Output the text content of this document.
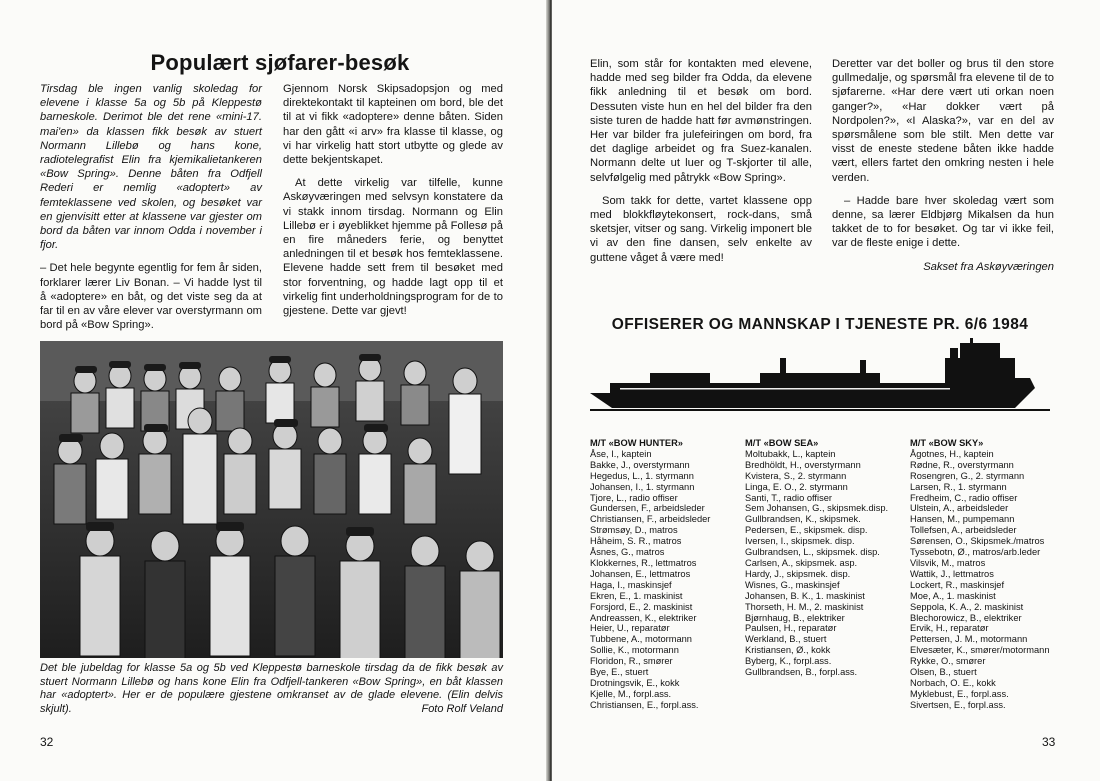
Populært sjøfarer-besøk

Tirsdag ble ingen vanlig skoledag for elevene i klasse 5a og 5b på Kleppestø barneskole. Derimot ble det rene «mini-17. mai'en» da klassen fikk besøk av stuert Normann Lillebø og hans kone, radiotelegrafist Elin fra kjemikalietankeren «Bow Spring». Denne båten fra Odfjell Rederi er nemlig «adoptert» av femteklassene ved skolen, og besøket var en gjenvisitt etter at klassene var gjester om bord da båten var innom Odda i november i fjor.

– Det hele begynte egentlig for fem år siden, forklarer lærer Liv Bonan. – Vi hadde lyst til å «adoptere» en båt, og det viste seg da at far til en av våre elever var overstyrmann om bord på «Bow Spring».

Gjennom Norsk Skipsadopsjon og med direktekontakt til kapteinen om bord, ble det til at vi fikk «adoptere» denne båten. Siden har den gått «i arv» fra klasse til klasse, og vi har virkelig hatt stort utbytte og glede av dette bekjentskapet.

At dette virkelig var tilfelle, kunne Askøyværingen med selvsyn konstatere da vi stakk innom tirsdag. Normann og Elin Lillebø er i øyeblikket hjemme på Follesø på en fire måneders ferie, og benyttet anledningen til et besøk hos femteklassene. Elevene hadde sett frem til besøket med stor forventning, og hadde lagt opp til et virkelig fint underholdningsprogram for de to gjestene. Dette var gjevt!

Det ble jubeldag for klasse 5a og 5b ved Kleppestø barneskole tirsdag da de fikk besøk av stuert Normann Lillebø og hans kone Elin fra Odfjell-tankeren «Bow Spring», en båt klassen har «adoptert». Her er de populære gjestene omkranset av de glade elevene. (Elin delvis skjult).	Foto Rolf Veland
32

Elin, som står for kontakten med elevene, hadde med seg bilder fra Odda, da elevene fikk anledning til et besøk om bord. Dessuten viste hun en hel del bilder fra den siste turen de hadde hatt før avmønstringen. Her var bilder fra julefeiringen om bord, fra det daglige arbeidet og fra Suez-kanalen. Normann delte ut luer og T-skjorter til alle, selvfølgelig med påtrykk «Bow Spring».

Som takk for dette, vartet klassene opp med blokkfløytekonsert, rock-dans, små sketsjer, vitser og sang. Virkelig imponert ble vi av den fine dansen, selv enkelte av guttene våget å være med!

Deretter var det boller og brus til den store gullmedalje, og spørsmål fra elevene til de to sjøfarerne. «Har dere vært uti orkan noen ganger?», «Har dokker vært på Nordpolen?», «I Alaska?», var en del av spørsmålene som ble stilt. Men dette var visst de eneste stedene båten ikke hadde vært, ellers fartet den omkring nesten i hele verden.

– Hadde bare hver skoledag vært som denne, sa lærer Eldbjørg Mikalsen da hun takket de to for besøket. Og tar vi ikke feil, var de fleste enige i dette.

Sakset fra Askøyværingen
OFFISERER OG MANNSKAP I TJENESTE PR. 6/6 1984
M/T «BOW HUNTER»
Åse, I., kaptein
Bakke, J., overstyrmann
Hegedus, L., 1. styrmann
Johansen, I., 1. styrmann
Tjore, L., radio offiser
Gundersen, F., arbeidsleder
Christiansen, F., arbeidsleder
Strømsøy, D., matros
Håheim, S. R., matros
Åsnes, G., matros
Klokkernes, R., lettmatros
Johansen, E., lettmatros
Haga, I., maskinsjef
Ekren, E., 1. maskinist
Forsjord, E., 2. maskinist
Andreassen, K., elektriker
Heier, U., reparatør
Tubbene, A., motormann
Sollie, K., motormann
Floridon, R., smører
Bye, E., stuert
Drotningsvik, E., kokk
Kjelle, M., forpl.ass.
Christiansen, E., forpl.ass.
M/T «BOW SEA»
Moltubakk, L., kaptein
Bredhöldt, H., overstyrmann
Kvistera, S., 2. styrmann
Linga, E. O., 2. styrmann
Santi, T., radio offiser
Sem Johansen, G., skipsmek.disp.
Gullbrandsen, K., skipsmek.
Pedersen, E., skipsmek. disp.
Iversen, I., skipsmek. disp.
Gulbrandsen, L., skipsmek. disp.
Carlsen, A., skipsmek. asp.
Hardy, J., skipsmek. disp.
Wisnes, G., maskinsjef
Johansen, B. K., 1. maskinist
Thorseth, H. M., 2. maskinist
Bjørnhaug, B., elektriker
Paulsen, H., reparatør
Werkland, B., stuert
Kristiansen, Ø., kokk
Byberg, K., forpl.ass.
Gullbrandsen, B., forpl.ass.
M/T «BOW SKY»
Ågotnes, H., kaptein
Rødne, R., overstyrmann
Rosengren, G., 2. styrmann
Larsen, R., 1. styrmann
Fredheim, C., radio offiser
Ulstein, A., arbeidsleder
Hansen, M., pumpemann
Tollefsen, A., arbeidsleder
Sørensen, O., Skipsmek./matros
Tyssebotn, Ø., matros/arb.leder
Vilsvik, M., matros
Wattik, J., lettmatros
Lockert, R., maskinsjef
Moe, A., 1. maskinist
Seppola, K. A., 2. maskinist
Blechorowicz, B., elektriker
Ervik, H., reparatør
Pettersen, J. M., motormann
Elvesæter, K., smører/motormann
Rykke, O., smører
Olsen, B., stuert
Norbach, O. E., kokk
Myklebust, E., forpl.ass.
Sivertsen, E., forpl.ass.
33
